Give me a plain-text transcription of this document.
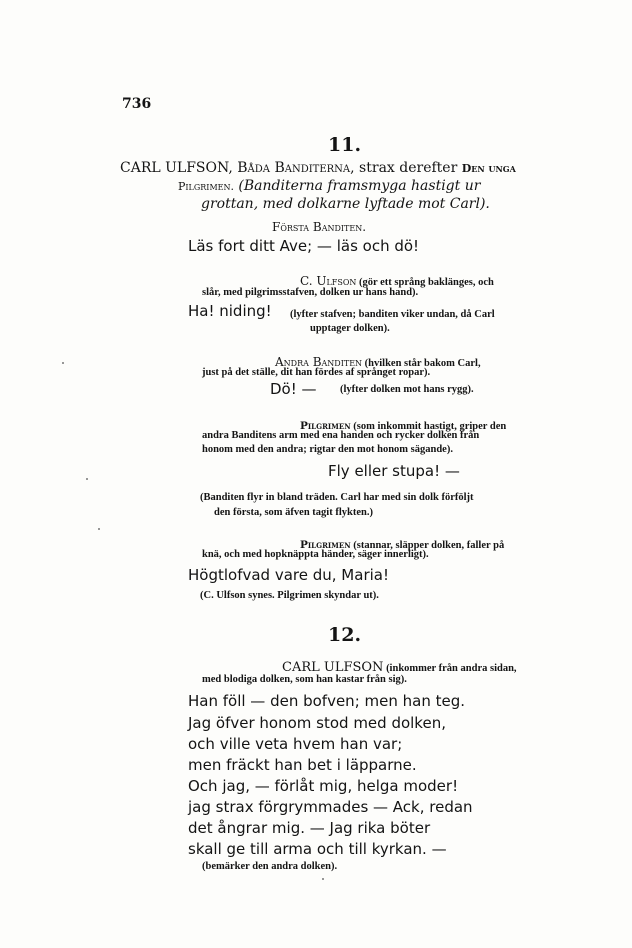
736
11.
CARL ULFSON, Båda Banditerna, strax derefter Den unga
Pilgrimen. (Banditerna framsmyga hastigt ur
grottan, med dolkarne lyftade mot Carl).
Första Banditen.
Läs fort ditt Ave; — läs och dö!
C. Ulfson (gör ett språng baklänges, och
slår, med pilgrimsstafven, dolken ur hans hand).
Ha! niding! (lyfter stafven; banditen viker undan, då Carl
upptager dolken).
Andra Banditen (hvilken står bakom Carl,
just på det ställe, dit han fördes af språnget ropar).
Dö! — (lyfter dolken mot hans rygg).
Pilgrimen (som inkommit hastigt, griper den
andra Banditens arm med ena handen och rycker dolken från
honom med den andra; rigtar den mot honom sägande).
Fly eller stupa! —
(Banditen flyr in bland träden. Carl har med sin dolk förföljt
den första, som äfven tagit flykten.)
Pilgrimen (stannar, släpper dolken, faller på
knä, och med hopknäppta händer, säger innerligt).
Högtlofvad vare du, Maria!
(C. Ulfson synes. Pilgrimen skyndar ut).
12.
CARL ULFSON (inkommer från andra sidan,
med blodiga dolken, som han kastar från sig).
Han föll — den bofven; men han teg.
Jag öfver honom stod med dolken,
och ville veta hvem han var;
men fräckt han bet i läpparne.
Och jag, — förlåt mig, helga moder!
jag strax förgrymmades — Ack, redan
det ångrar mig. — Jag rika böter
skall ge till arma och till kyrkan. —
(bemärker den andra dolken).
